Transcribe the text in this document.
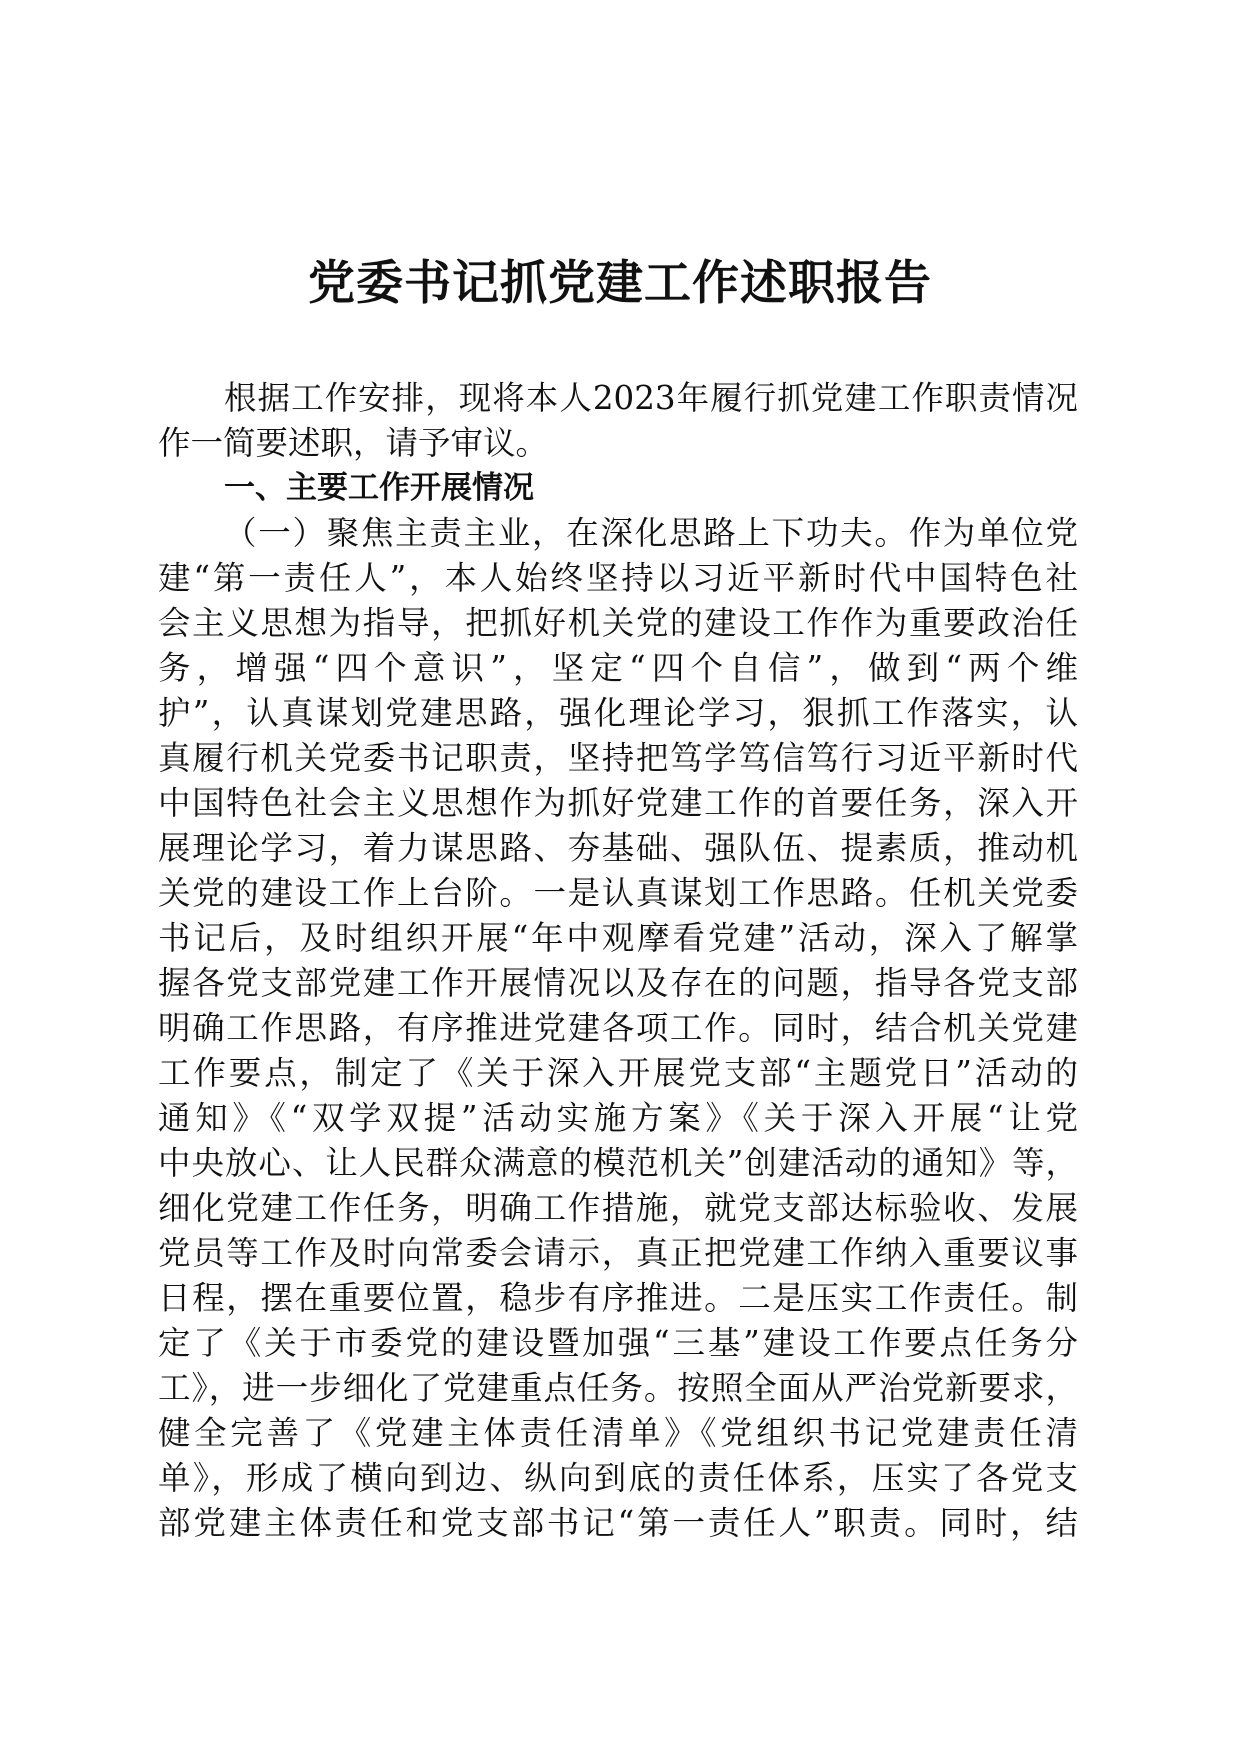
党委书记抓党建工作述职报告
根据工作安排，现将本人2023年履行抓党建工作职责情况
作一简要述职，请予审议。
一、主要工作开展情况
（一）聚焦主责主业，在深化思路上下功夫。作为单位党
建“第一责任人”，本人始终坚持以习近平新时代中国特色社
会主义思想为指导，把抓好机关党的建设工作作为重要政治任
务，增强“四个意识”，坚定“四个自信”，做到“两个维
护”，认真谋划党建思路，强化理论学习，狠抓工作落实，认
真履行机关党委书记职责，坚持把笃学笃信笃行习近平新时代
中国特色社会主义思想作为抓好党建工作的首要任务，深入开
展理论学习，着力谋思路、夯基础、强队伍、提素质，推动机
关党的建设工作上台阶。一是认真谋划工作思路。任机关党委
书记后，及时组织开展“年中观摩看党建”活动，深入了解掌
握各党支部党建工作开展情况以及存在的问题，指导各党支部
明确工作思路，有序推进党建各项工作。同时，结合机关党建
工作要点，制定了《关于深入开展党支部“主题党日”活动的
通知》《“双学双提”活动实施方案》《关于深入开展“让党
中央放心、让人民群众满意的模范机关”创建活动的通知》等，
细化党建工作任务，明确工作措施，就党支部达标验收、发展
党员等工作及时向常委会请示，真正把党建工作纳入重要议事
日程，摆在重要位置，稳步有序推进。二是压实工作责任。制
定了《关于市委党的建设暨加强“三基”建设工作要点任务分
工》，进一步细化了党建重点任务。按照全面从严治党新要求，
健全完善了《党建主体责任清单》《党组织书记党建责任清
单》，形成了横向到边、纵向到底的责任体系，压实了各党支
部党建主体责任和党支部书记“第一责任人”职责。同时，结
